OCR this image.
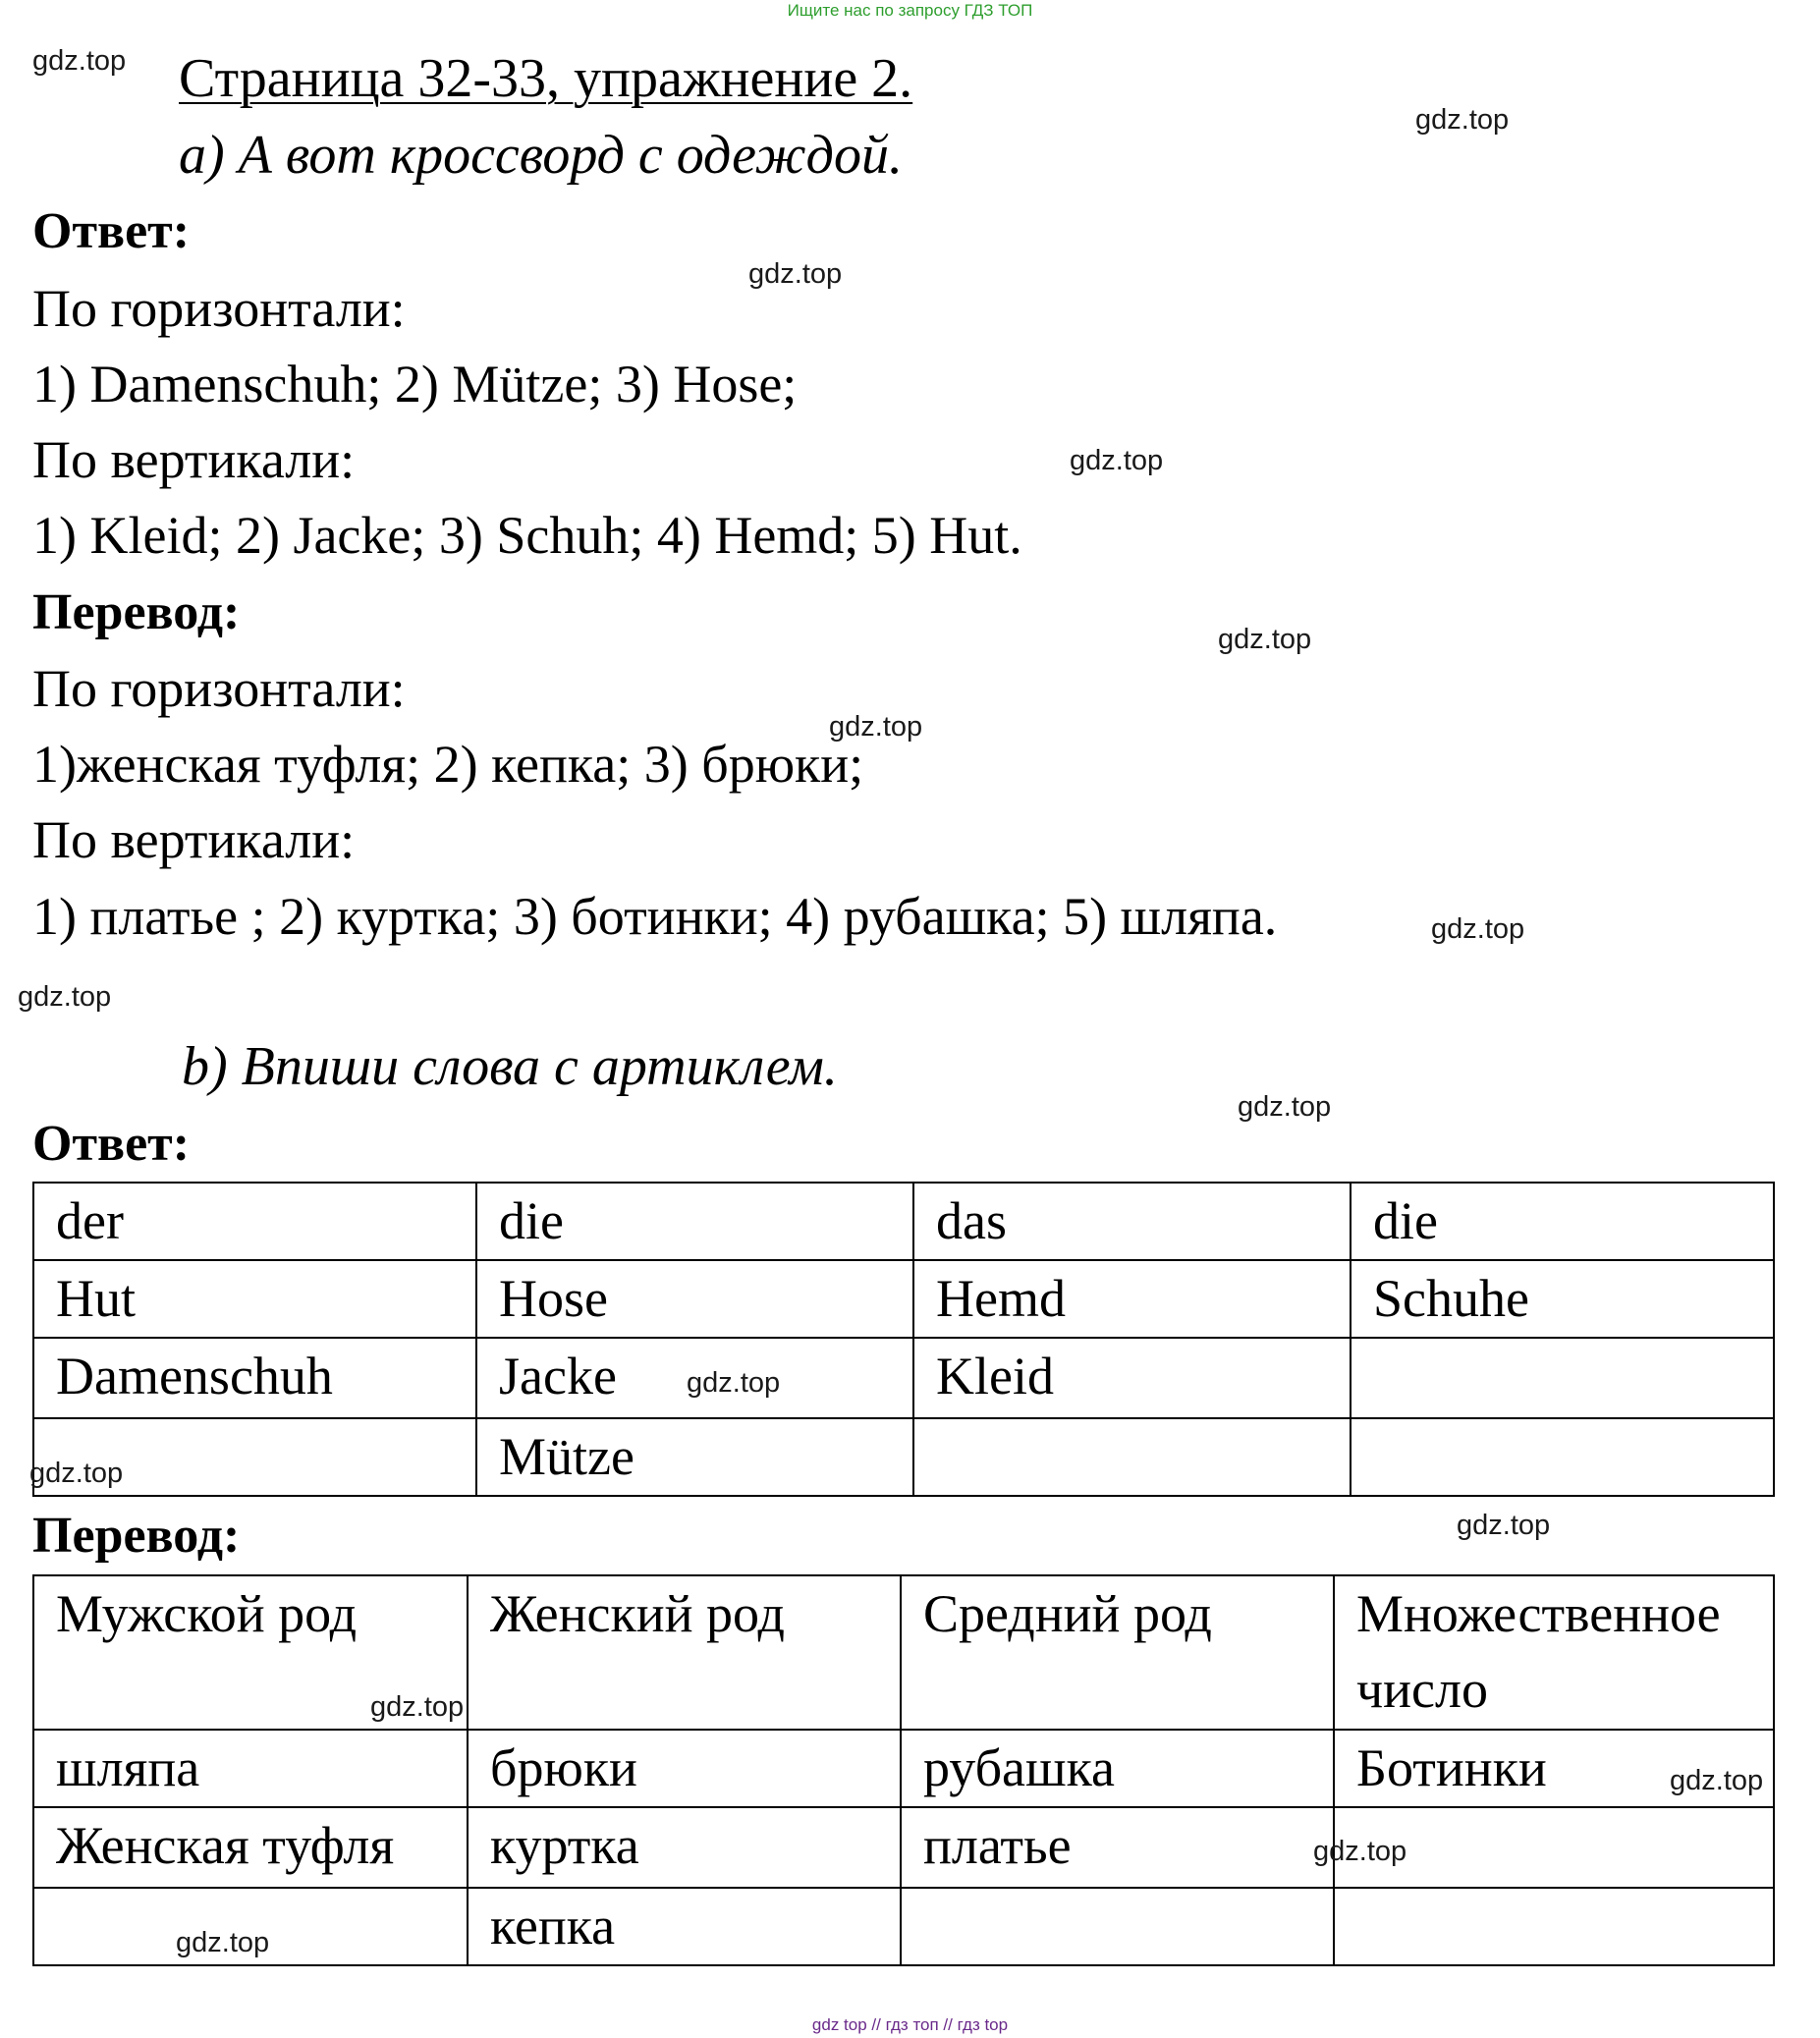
Ищите нас по запросу ГДЗ ТОП
Страница 32-33, упражнение 2.
а) А вот кроссворд с одеждой.
Ответ:
По горизонтали:
1) Damenschuh; 2) Mütze; 3) Hose;
По вертикали:
1) Kleid; 2) Jacke; 3) Schuh; 4) Hemd; 5) Hut.
Перевод:
По горизонтали:
1)женская туфля; 2) кепка; 3) брюки;
По вертикали:
1) платье ; 2) куртка; 3) ботинки; 4) рубашка; 5) шляпа.
b) Впиши слова с артиклем.
Ответ:
der	die	das	die
Hut	Hose	Hemd	Schuhe
Damenschuh	Jacke	Kleid	
	Mütze		
Перевод:
Мужской род	Женский род	Средний род	Множественное число
шляпа	брюки	рубашка	Ботинки
Женская туфля	куртка	платье	
	кепка		
gdz.top
gdz.top
gdz.top
gdz.top
gdz.top
gdz.top
gdz.top
gdz.top
gdz.top
gdz.top
gdz.top
gdz.top
gdz.top
gdz.top
gdz.top
gdz.top
gdz top // гдз топ // гдз top
